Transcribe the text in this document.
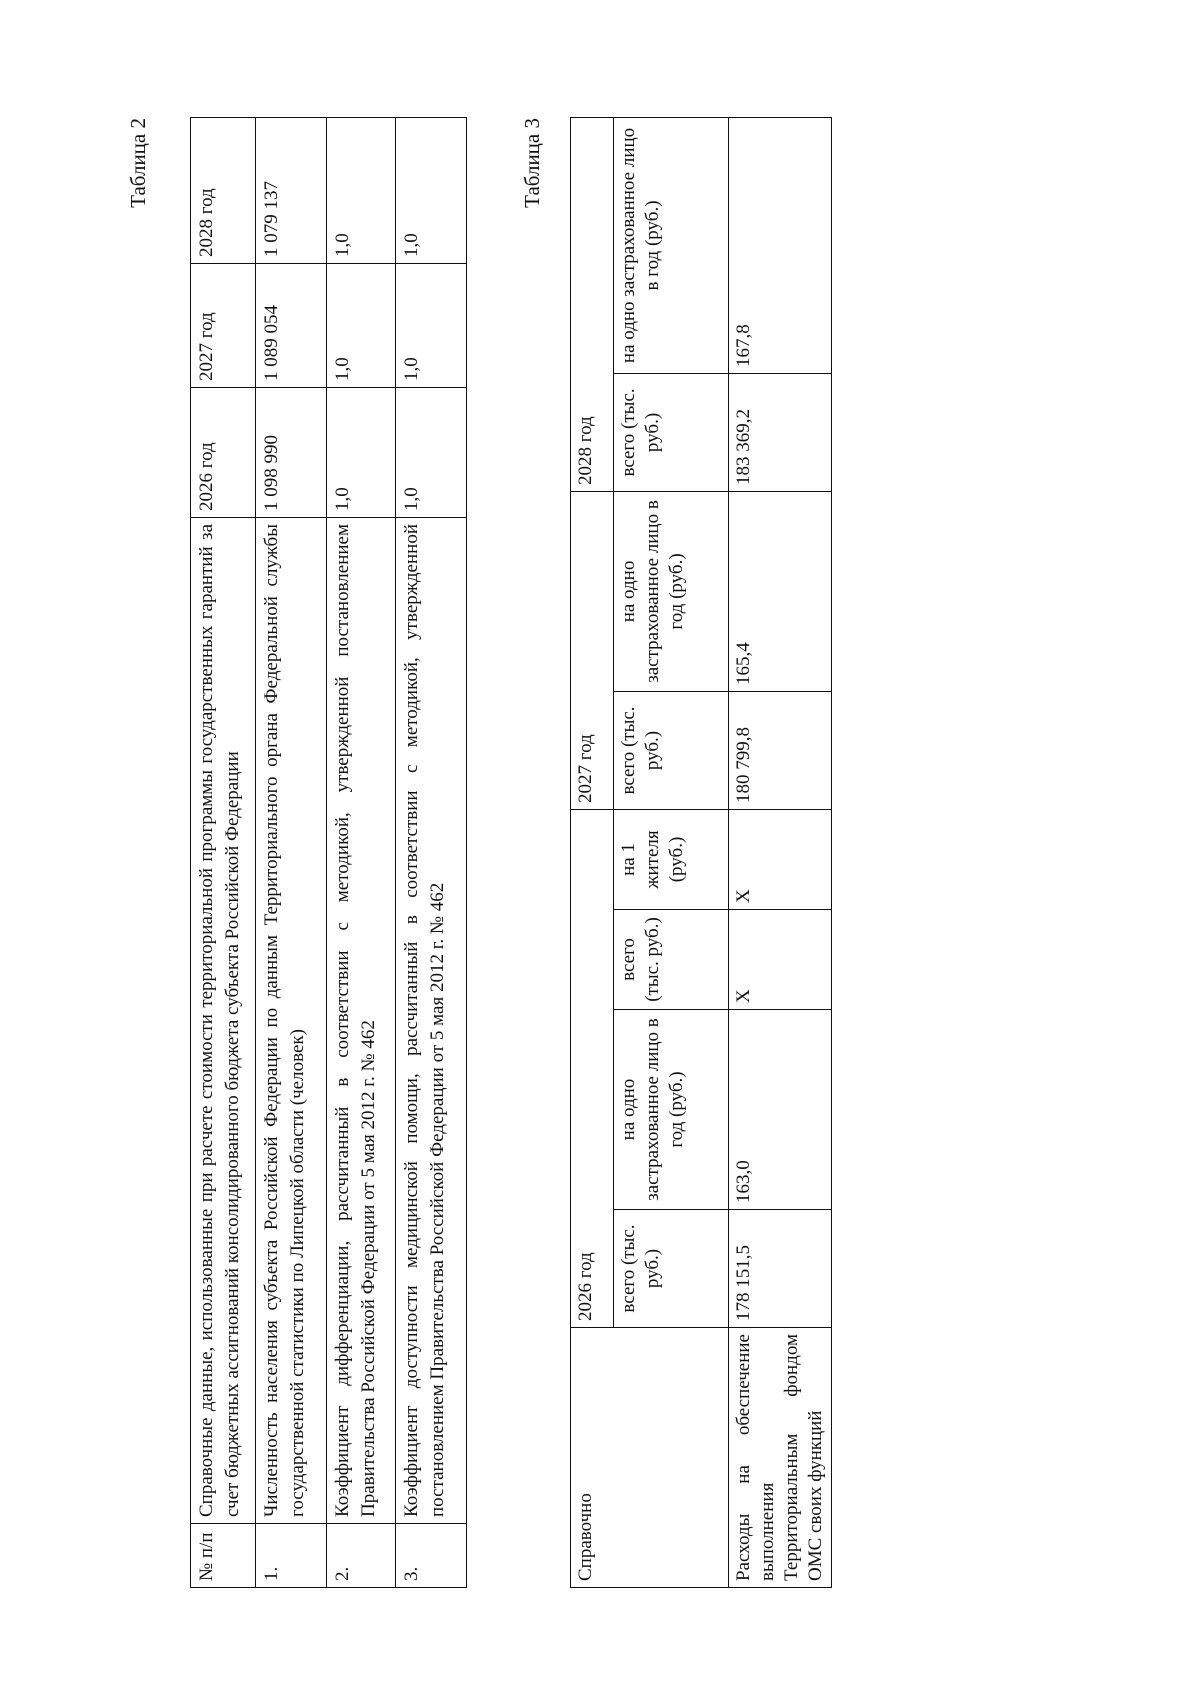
Таблица 2
№ п/п	Справочные данные, использованные при расчете стоимости территориальной программы государственных гарантий за счет бюджетных ассигнований консолидированного бюджета субъекта Российской Федерации	2026 год	2027 год	2028 год
1.	Численность населения субъекта Российской Федерации по данным Территориального органа Федеральной службы государственной статистики по Липецкой области (человек)	1 098 990	1 089 054	1 079 137
2.	Коэффициент дифференциации, рассчитанный в соответствии с методикой, утвержденной постановлением Правительства Российской Федерации от 5 мая 2012 г. № 462	1,0	1,0	1,0
3.	Коэффициент доступности медицинской помощи, рассчитанный в соответствии с методикой, утвержденной постановлением Правительства Российской Федерации от 5 мая 2012 г. № 462	1,0	1,0	1,0
Таблица 3
Справочно	2026 год				2027 год		2028 год	
	всего (тыс. руб.)	на одно застрахованное лицо в год (руб.)	всего (тыс. руб.)	на 1 жителя (руб.)	всего (тыс. руб.)	на одно застрахованное лицо в год (руб.)	всего (тыс. руб.)	на одно застрахованное лицо в год (руб.)
Расходы на обеспечение выполнения Территориальным фондом ОМС своих функций	178 151,5	163,0	X	X	180 799,8	165,4	183 369,2	167,8
